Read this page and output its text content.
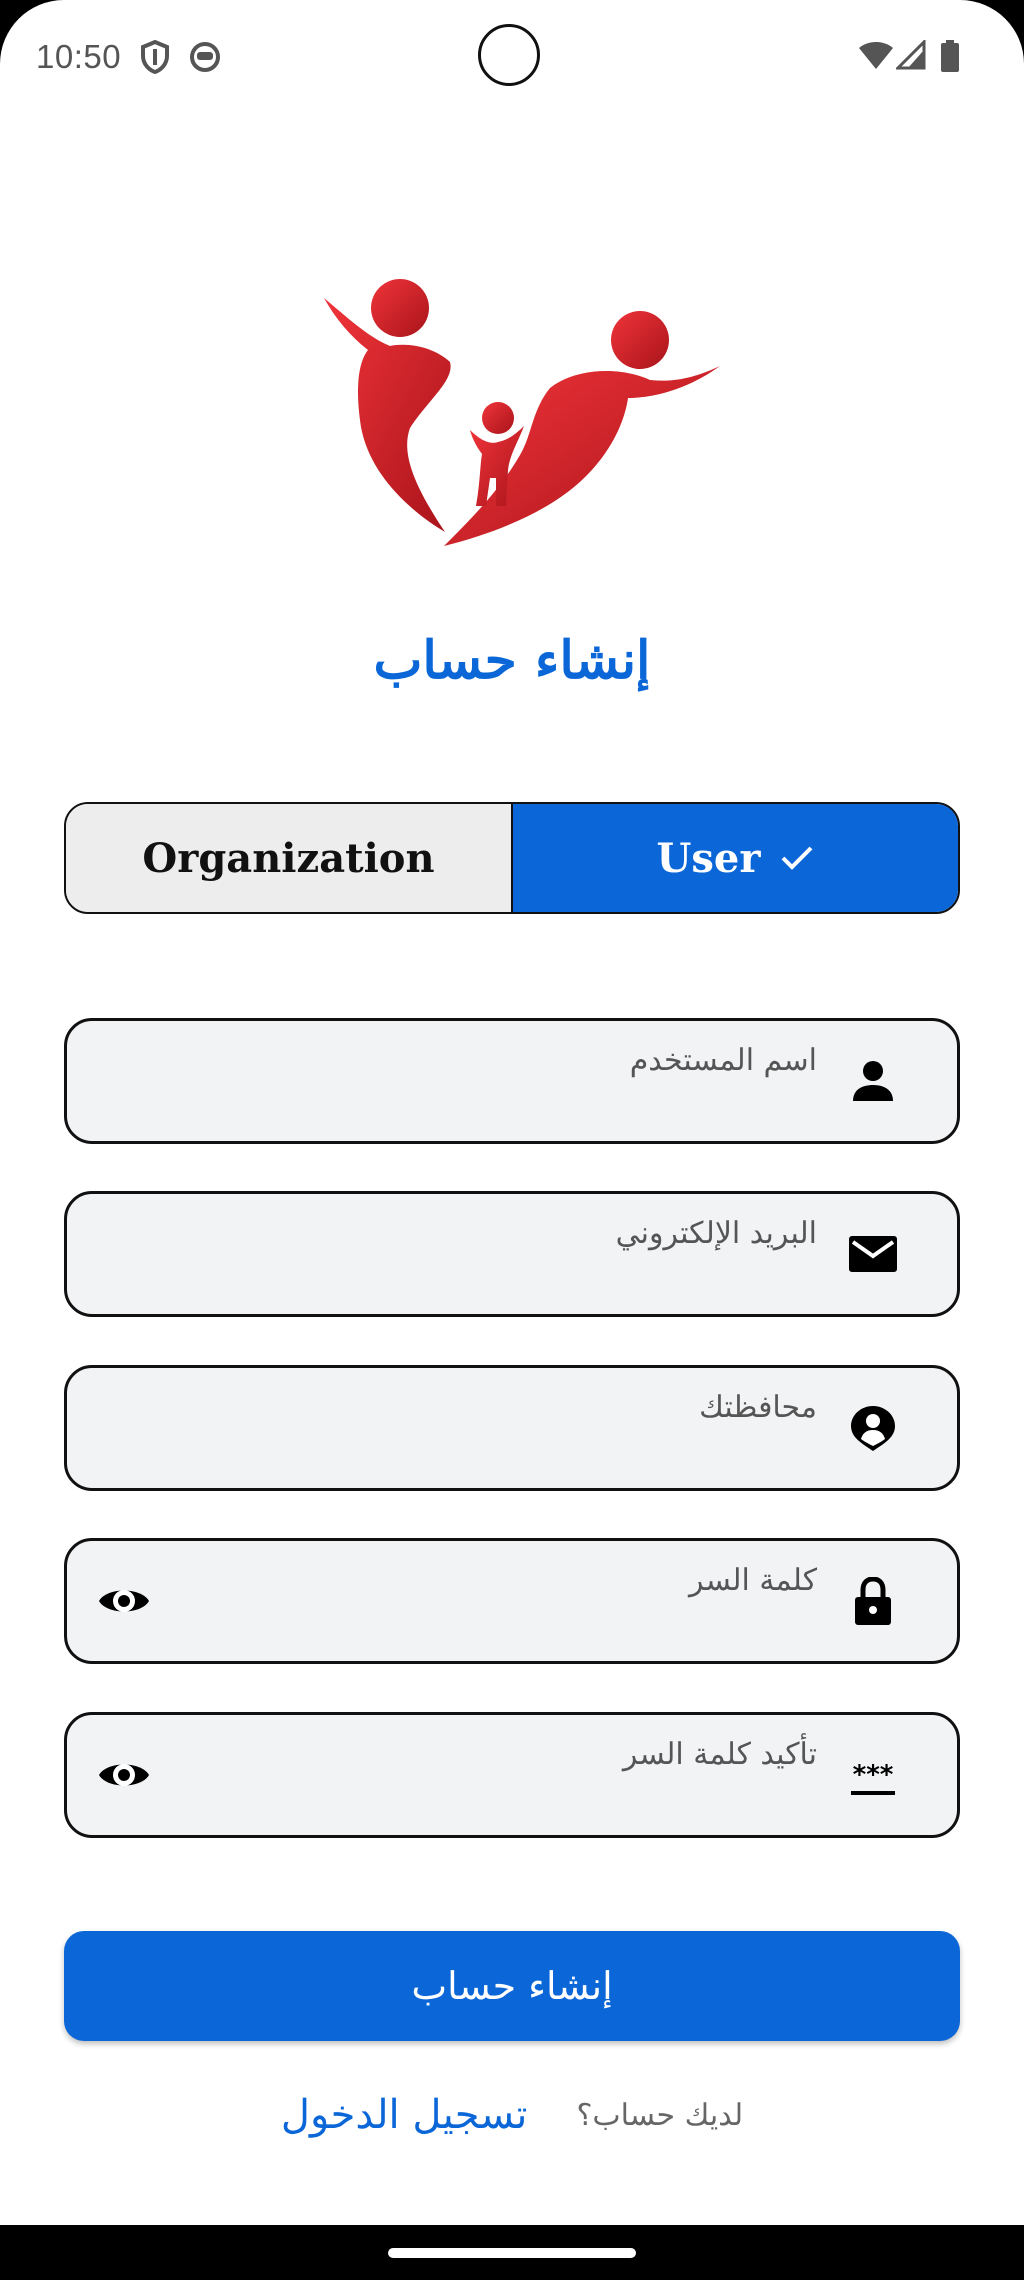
10:50
إنشاء حساب
Organization	User
اسم المستخدم
البريد الإلكتروني
محافظتك
كلمة السر
تأكيد كلمة السر
***
إنشاء حساب
لديك حساب؟ تسجيل الدخول
